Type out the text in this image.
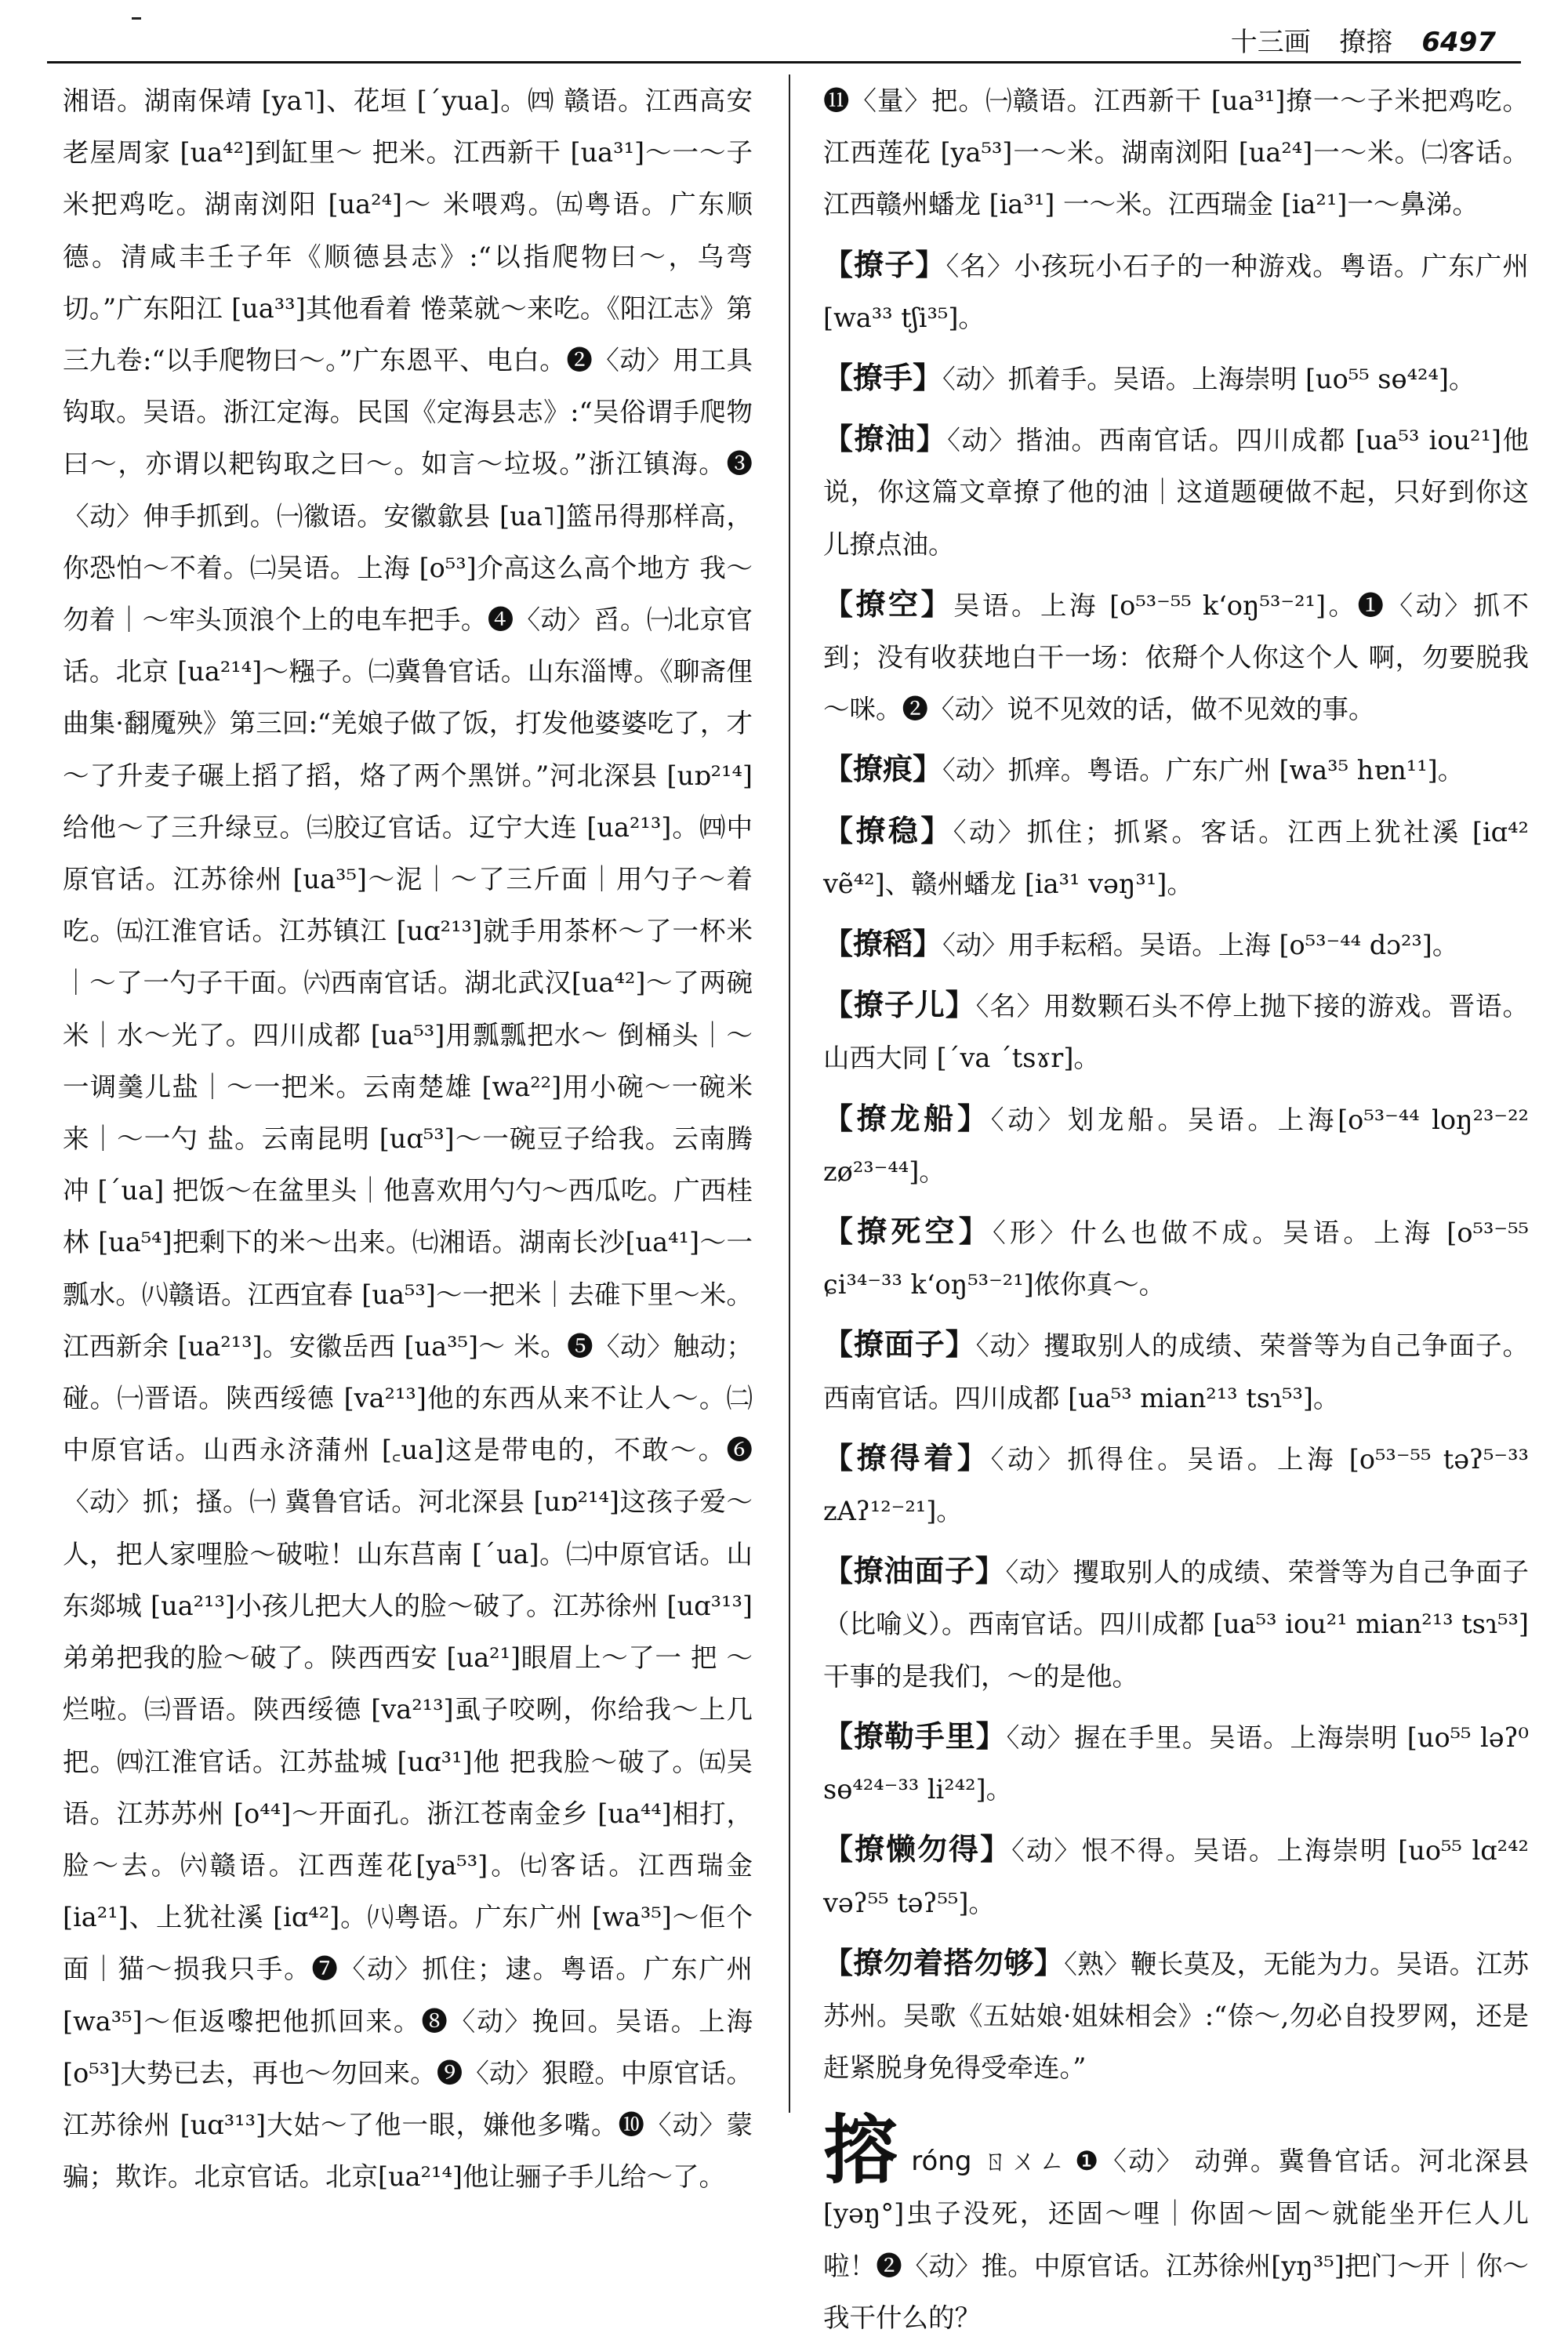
十三画 撩搈 6497

湘语。湖南保靖 [ya˥]、花垣 [ˊyua]。㈣ 赣语。江西高安老屋周家 [ua⁴²]到缸里～ 把米。江西新干 [ua³¹]～一～子米把鸡吃。湖南浏阳 [ua²⁴]～ 米喂鸡。㈤粤语。广东顺德。清咸丰壬子年《顺德县志》:“以指爬物曰～，乌弯切。”广东阳江 [ua³³]其他看着 惓菜就～来吃。《阳江志》第三九卷:“以手爬物曰～。”广东恩平、电白。❷〈动〉用工具钩取。吴语。浙江定海。民国《定海县志》:“吴俗谓手爬物曰～，亦谓以耙钩取之曰～。如言～垃圾。”浙江镇海。❸〈动〉伸手抓到。㈠徽语。安徽歙县 [ua˥]篮吊得那样高，你恐怕～不着。㈡吴语。上海 [o⁵³]介高这么高个地方 我～勿着｜～牢头顶浪个上的电车把手。❹〈动〉舀。㈠北京官话。北京 [ua²¹⁴]～糨子。㈡冀鲁官话。山东淄博。《聊斋俚曲集·翻魇殃》第三回:“羌娘子做了饭，打发他婆婆吃了，才～了升麦子碾上搯了搯，烙了两个黑饼。”河北深县 [uɒ²¹⁴]给他～了三升绿豆。㈢胶辽官话。辽宁大连 [ua²¹³]。㈣中原官话。江苏徐州 [ua³⁵]～泥｜～了三斤面｜用勺子～着吃。㈤江淮官话。江苏镇江 [uɑ²¹³]就手用茶杯～了一杯米｜～了一勺子干面。㈥西南官话。湖北武汉[ua⁴²]～了两碗米｜水～光了。四川成都 [ua⁵³]用瓢瓢把水～ 倒桶头｜～一调羹儿盐｜～一把米。云南楚雄 [wa²²]用小碗～一碗米来｜～一勺 盐。云南昆明 [uɑ⁵³]～一碗豆子给我。云南腾冲 [ˊua] 把饭～在盆里头｜他喜欢用勺勺～西瓜吃。广西桂林 [ua⁵⁴]把剩下的米～出来。㈦湘语。湖南长沙[ua⁴¹]～一瓢水。㈧赣语。江西宜春 [ua⁵³]～一把米｜去碓下里～米。江西新余 [ua²¹³]。安徽岳西 [ua³⁵]～ 米。❺〈动〉触动；碰。㈠晋语。陕西绥德 [va²¹³]他的东西从来不让人～。㈡中原官话。山西永济蒲州 [꜀ua]这是带电的，不敢～。❻〈动〉抓；搔。㈠ 冀鲁官话。河北深县 [uɒ²¹⁴]这孩子爱～人，把人家哩脸～破啦！山东莒南 [ˊua]。㈡中原官话。山东郯城 [ua²¹³]小孩儿把大人的脸～破了。江苏徐州 [uɑ³¹³]弟弟把我的脸～破了。陕西西安 [ua²¹]眼眉上～了一 把 ～烂啦。㈢晋语。陕西绥德 [va²¹³]虱子咬咧，你给我～上几把。㈣江淮官话。江苏盐城 [uɑ³¹]他 把我脸～破了。㈤吴语。江苏苏州 [o⁴⁴]～开面孔。浙江苍南金乡 [ua⁴⁴]相打，脸～去。㈥赣语。江西莲花[ya⁵³]。㈦客话。江西瑞金 [ia²¹]、上犹社溪 [iɑ⁴²]。㈧粤语。广东广州 [wa³⁵]～佢个面｜猫～损我只手。❼〈动〉抓住；逮。粤语。广东广州 [wa³⁵]～佢返嚟把他抓回来。❽〈动〉挽回。吴语。上海 [o⁵³]大势已去，再也～勿回来。❾〈动〉狠瞪。中原官话。江苏徐州 [uɑ³¹³]大姑～了他一眼，嫌他多嘴。❿〈动〉蒙骗；欺诈。北京官话。北京[ua²¹⁴]他让骊子手儿给～了。

⓫〈量〉把。㈠赣语。江西新干 [ua³¹]撩一～子米把鸡吃。江西莲花 [ya⁵³]一～米。湖南浏阳 [ua²⁴]一～米。㈡客话。江西赣州蟠龙 [ia³¹] 一～米。江西瑞金 [ia²¹]一～鼻涕。

【撩子】〈名〉小孩玩小石子的一种游戏。粤语。广东广州 [wa³³ tʃi³⁵]。

【撩手】〈动〉抓着手。吴语。上海崇明 [uo⁵⁵ sɵ⁴²⁴]。

【撩油】〈动〉揩油。西南官话。四川成都 [ua⁵³ iou²¹]他说，你这篇文章撩了他的油｜这道题硬做不起，只好到你这儿撩点油。

【撩空】吴语。上海 [o⁵³⁻⁵⁵ kʻoŋ⁵³⁻²¹]。❶〈动〉抓不到；没有收获地白干一场：依搿个人你这个人 啊，勿要脱我～咪。❷〈动〉说不见效的话，做不见效的事。

【撩痕】〈动〉抓痒。粤语。广东广州 [wa³⁵ hɐn¹¹]。

【撩稳】〈动〉抓住；抓紧。客话。江西上犹社溪 [iɑ⁴² vẽ⁴²]、赣州蟠龙 [ia³¹ vəŋ³¹]。

【撩稻】〈动〉用手耘稻。吴语。上海 [o⁵³⁻⁴⁴ dɔ²³]。

【撩子儿】〈名〉用数颗石头不停上抛下接的游戏。晋语。山西大同 [ˊva ˊtsɤr]。

【撩龙船】〈动〉划龙船。吴语。上海[o⁵³⁻⁴⁴ loŋ²³⁻²² zø²³⁻⁴⁴]。

【撩死空】〈形〉什么也做不成。吴语。上海 [o⁵³⁻⁵⁵ ɕi³⁴⁻³³ kʻoŋ⁵³⁻²¹]侬你真～。

【撩面子】〈动〉攫取别人的成绩、荣誉等为自己争面子。西南官话。四川成都 [ua⁵³ mian²¹³ tsɿ⁵³]。

【撩得着】〈动〉抓得住。吴语。上海 [o⁵³⁻⁵⁵ təʔ⁵⁻³³ zAʔ¹²⁻²¹]。

【撩油面子】〈动〉攫取别人的成绩、荣誉等为自己争面子（比喻义）。西南官话。四川成都 [ua⁵³ iou²¹ mian²¹³ tsɿ⁵³]干事的是我们，～的是他。

【撩勒手里】〈动〉握在手里。吴语。上海崇明 [uo⁵⁵ ləʔ⁰ sɵ⁴²⁴⁻³³ li²⁴²]。

【撩懒勿得】〈动〉恨不得。吴语。上海崇明 [uo⁵⁵ lɑ²⁴² vəʔ⁵⁵ təʔ⁵⁵]。

【撩勿着搭勿够】〈熟〉鞭长莫及，无能为力。吴语。江苏苏州。吴歌《五姑娘·姐妹相会》:“倷～,勿必自投罗网，还是赶紧脱身免得受牵连。”

搈róng ㄖㄨㄥ ❶〈动〉 动弹。冀鲁官话。河北深县 [yəŋ°]虫子没死，还固～哩｜你固～固～就能坐开仨人儿啦！❷〈动〉推。中原官话。江苏徐州[yŋ³⁵]把门～开｜你～我干什么的？
